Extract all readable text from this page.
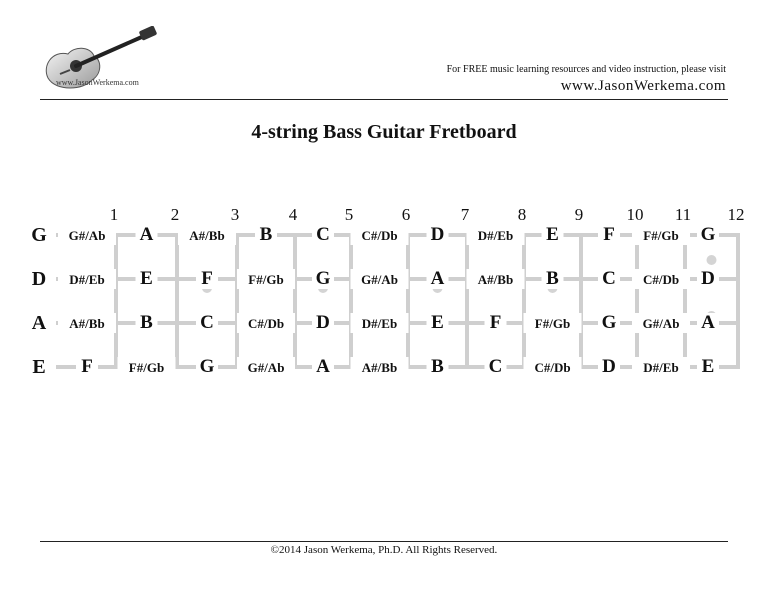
www.JasonWerkema.com
For FREE music learning resources and video instruction, please visit
www.JasonWerkema.com
4-string Bass Guitar Fretboard
1	2	3	4	5	6	7	8	9	10 11 12
G G#/Ab A	A#/Bb B C C#/Db D	D#/Eb E F F#/Gb G
D D#/Eb E	F	F#/Gb G G#/Ab A	A#/Bb B C C#/Db D
A A#/Bb B C	C#/Db D D#/Eb E F	F#/Gb G G#/Ab A
E F	F#/Gb G	G#/Ab A A#/Bb B C C#/Db D D#/Eb E
©2014 Jason Werkema, Ph.D. All Rights Reserved.
